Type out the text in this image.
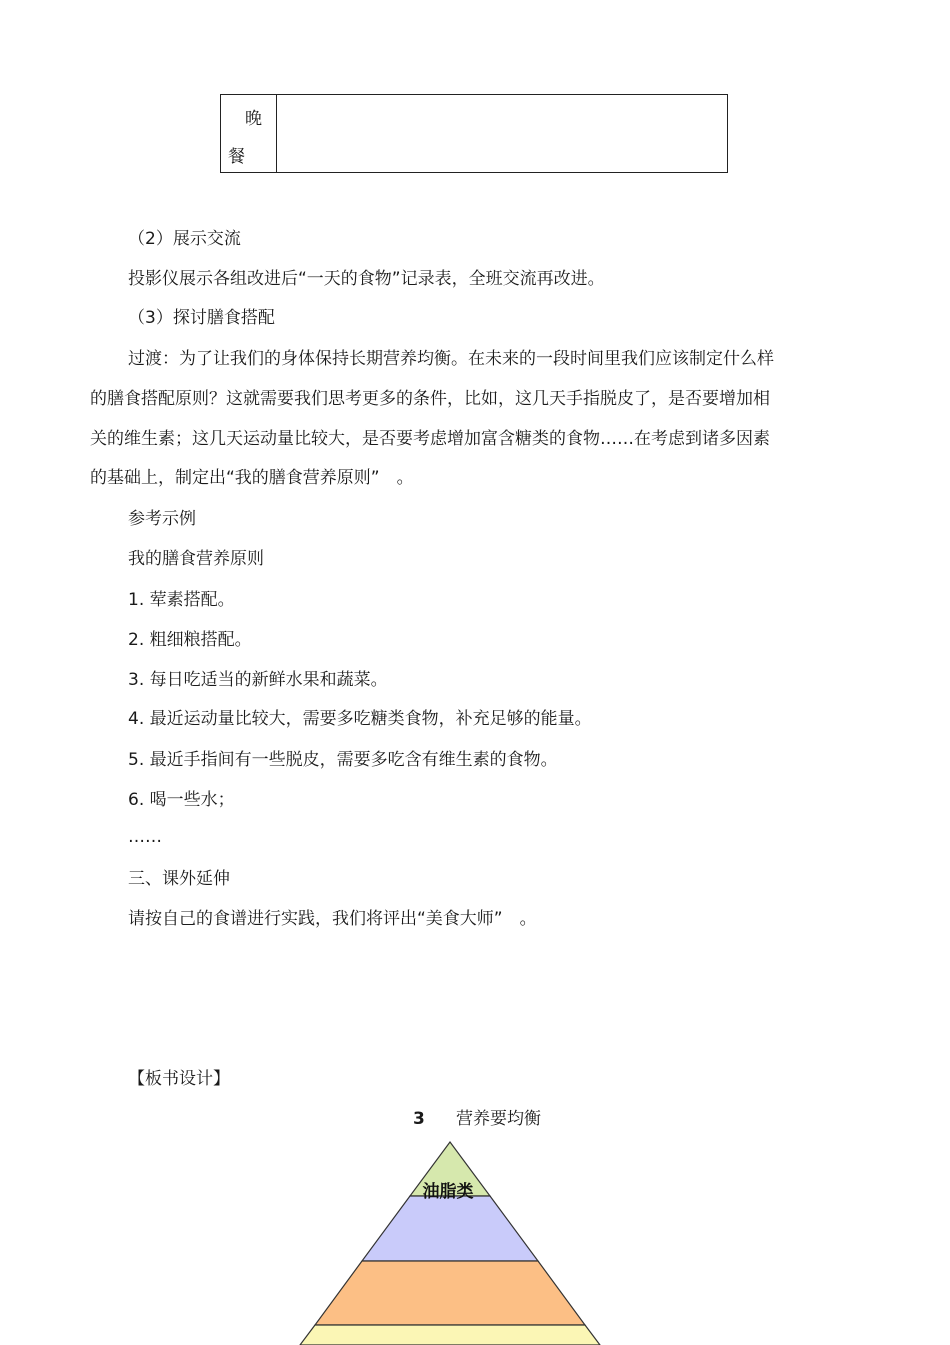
晚
餐
（2）展示交流
投影仪展示各组改进后“一天的食物”记录表，全班交流再改进。
（3）探讨膳食搭配
过渡：为了让我们的身体保持长期营养均衡。在未来的一段时间里我们应该制定什么样
的膳食搭配原则？这就需要我们思考更多的条件，比如，这几天手指脱皮了，是否要增加相
关的维生素；这几天运动量比较大，是否要考虑增加富含糖类的食物……在考虑到诸多因素
的基础上，制定出“我的膳食营养原则”　。
参考示例
我的膳食营养原则
1. 荤素搭配。
2. 粗细粮搭配。
3. 每日吃适当的新鲜水果和蔬菜。
4. 最近运动量比较大，需要多吃糖类食物，补充足够的能量。
5. 最近手指间有一些脱皮，需要多吃含有维生素的食物。
6. 喝一些水；
……
三、课外延伸
请按自己的食谱进行实践，我们将评出“美食大师”　。
【板书设计】
3 营养要均衡
油脂类
